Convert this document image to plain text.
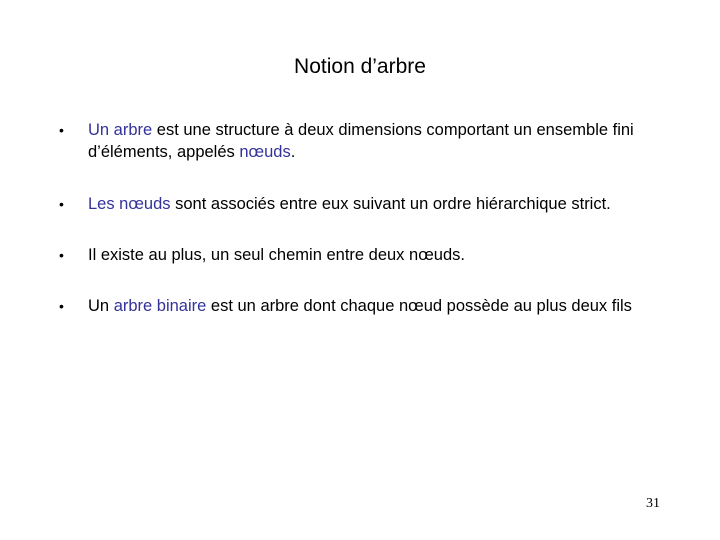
Notion d’arbre
• Un arbre est une structure à deux dimensions comportant un ensemble fini d’éléments, appelés nœuds.
• Les nœuds sont associés entre eux suivant un ordre hiérarchique strict.
• Il existe au plus, un seul chemin entre deux nœuds.
• Un arbre binaire est un arbre dont chaque nœud possède au plus deux fils
31
